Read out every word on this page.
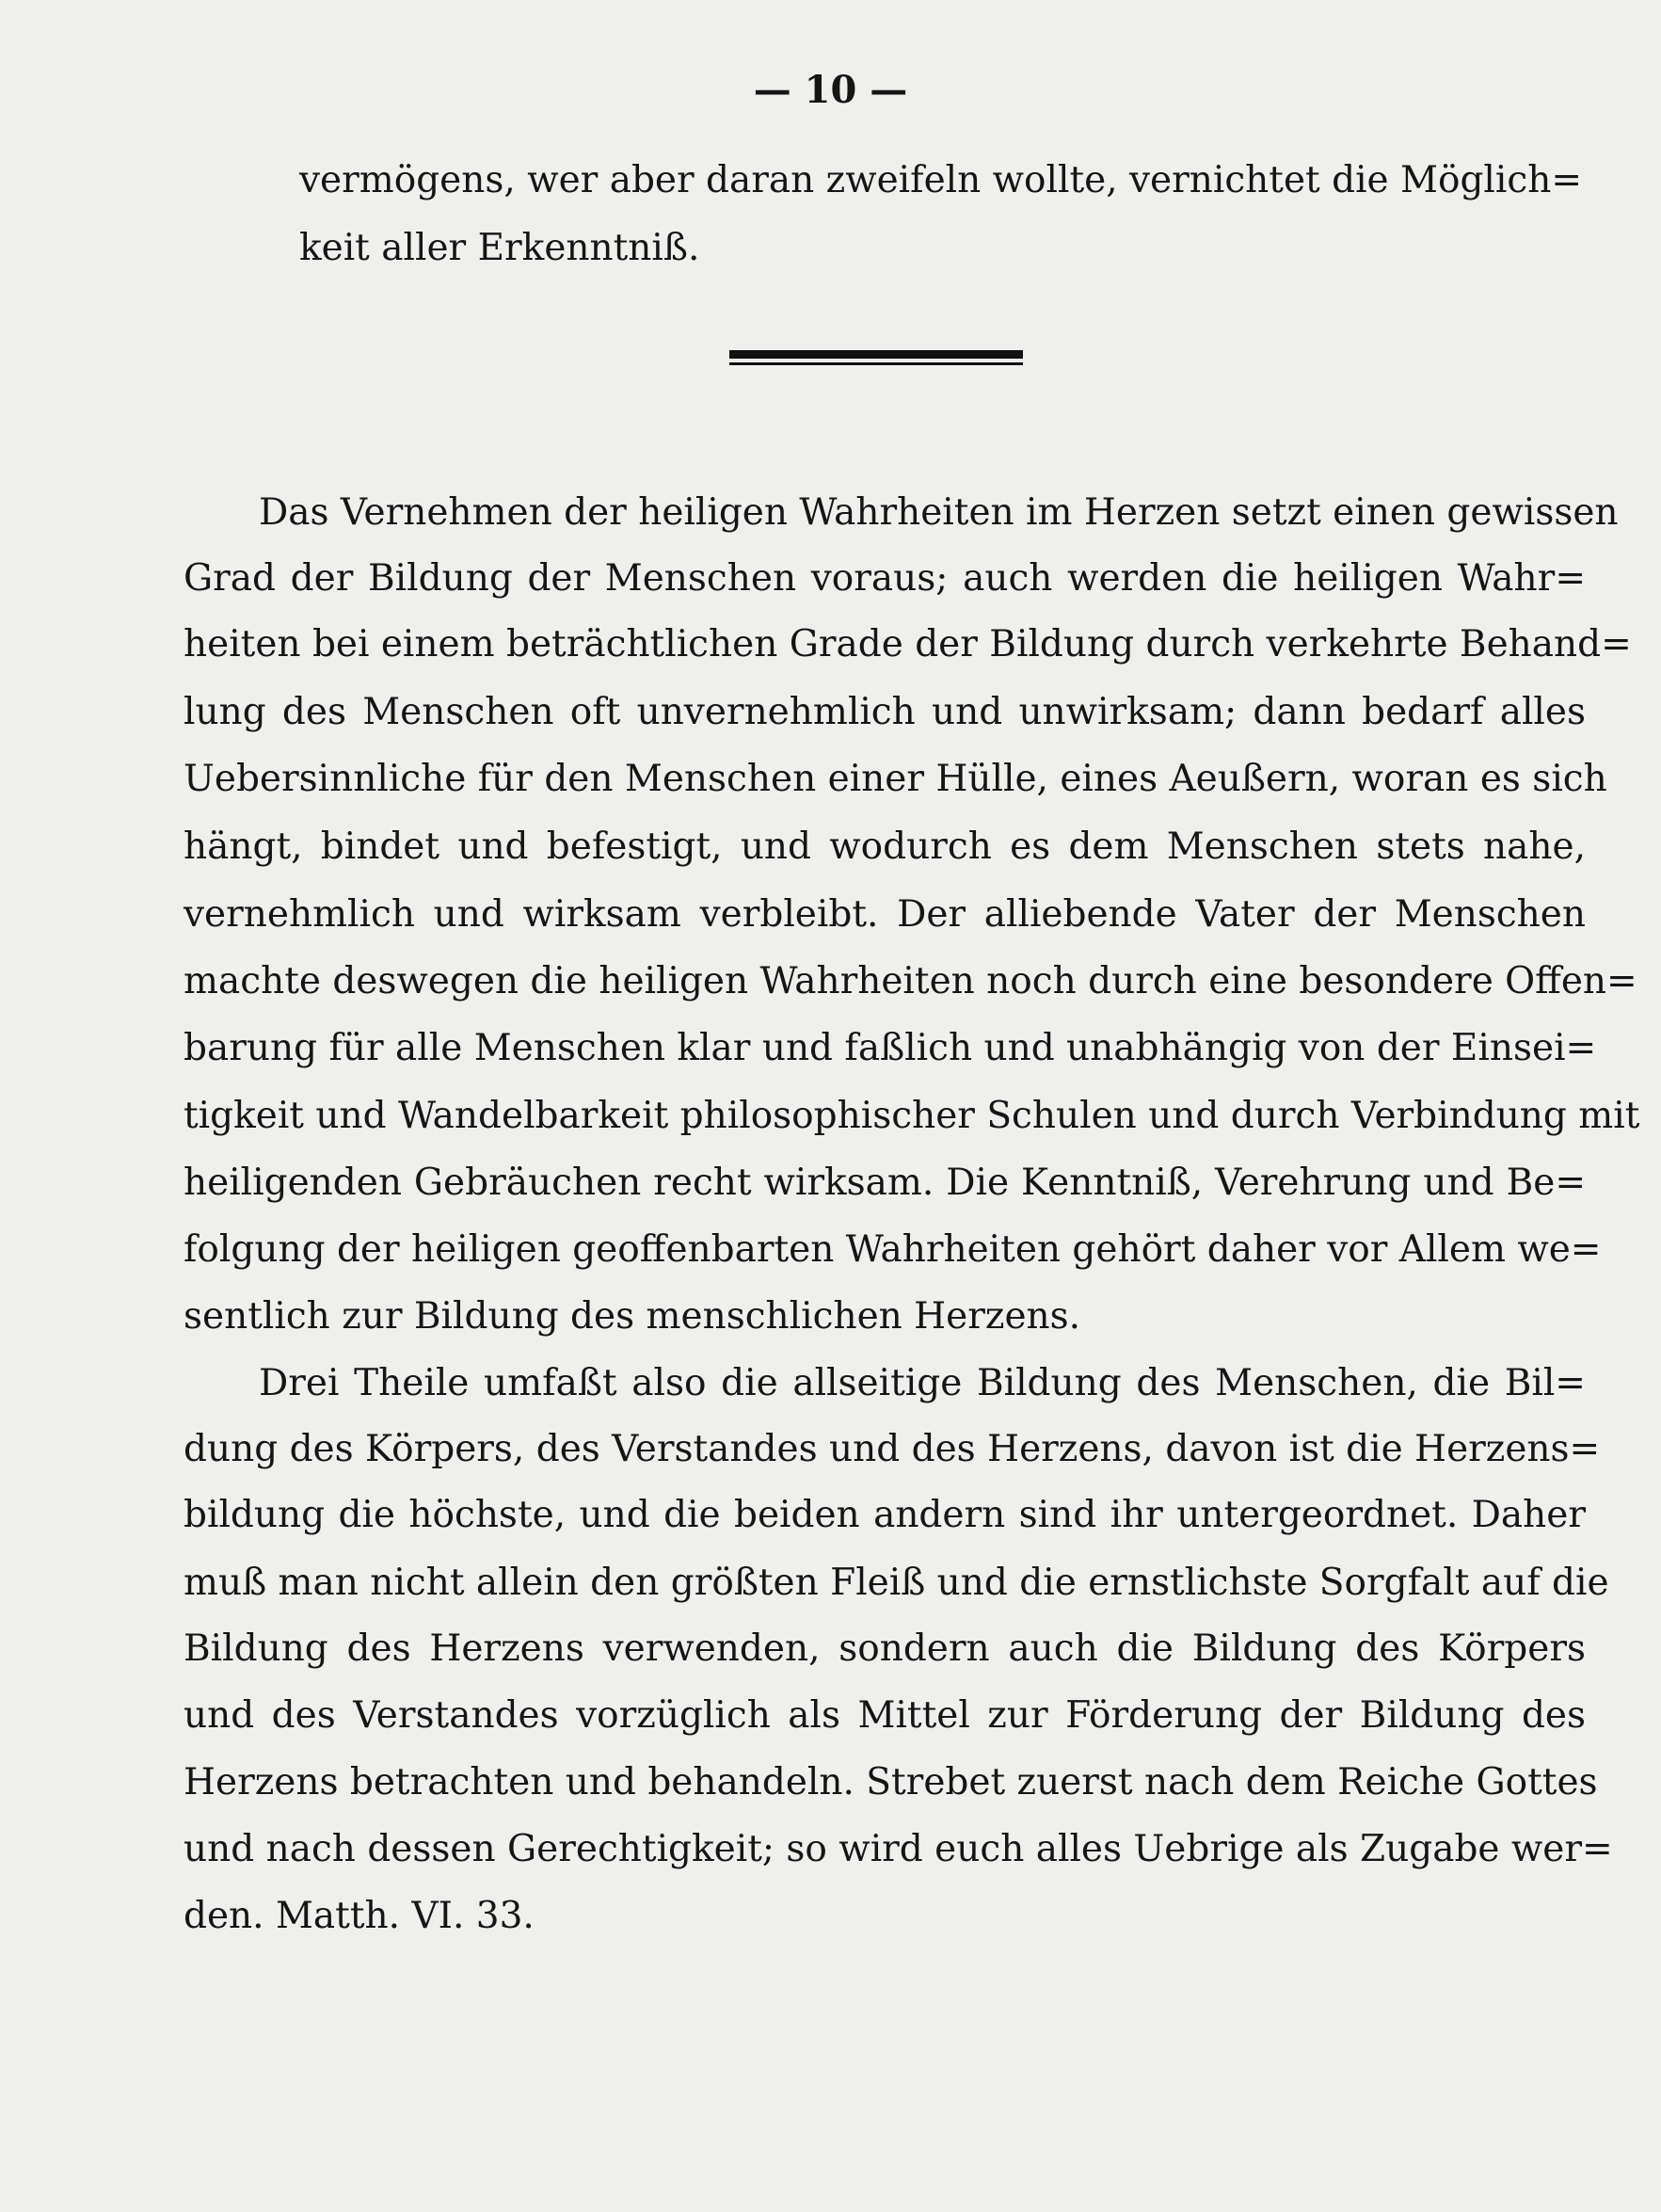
— 10 —

vermögens, wer aber daran zweifeln wollte, vernichtet die Möglich=

keit aller Erkenntniß.

Das Vernehmen der heiligen Wahrheiten im Herzen setzt einen gewissen

Grad der Bildung der Menschen voraus; auch werden die heiligen Wahr=

heiten bei einem beträchtlichen Grade der Bildung durch verkehrte Behand=

lung des Menschen oft unvernehmlich und unwirksam; dann bedarf alles

Uebersinnliche für den Menschen einer Hülle, eines Aeußern, woran es sich

hängt, bindet und befestigt, und wodurch es dem Menschen stets nahe,

vernehmlich und wirksam verbleibt. Der alliebende Vater der Menschen

machte deswegen die heiligen Wahrheiten noch durch eine besondere Offen=

barung für alle Menschen klar und faßlich und unabhängig von der Einsei=

tigkeit und Wandelbarkeit philosophischer Schulen und durch Verbindung mit

heiligenden Gebräuchen recht wirksam. Die Kenntniß, Verehrung und Be=

folgung der heiligen geoffenbarten Wahrheiten gehört daher vor Allem we=

sentlich zur Bildung des menschlichen Herzens.

Drei Theile umfaßt also die allseitige Bildung des Menschen, die Bil=

dung des Körpers, des Verstandes und des Herzens, davon ist die Herzens=

bildung die höchste, und die beiden andern sind ihr untergeordnet. Daher

muß man nicht allein den größten Fleiß und die ernstlichste Sorgfalt auf die

Bildung des Herzens verwenden, sondern auch die Bildung des Körpers

und des Verstandes vorzüglich als Mittel zur Förderung der Bildung des

Herzens betrachten und behandeln. Strebet zuerst nach dem Reiche Gottes

und nach dessen Gerechtigkeit; so wird euch alles Uebrige als Zugabe wer=

den. Matth. VI. 33.
